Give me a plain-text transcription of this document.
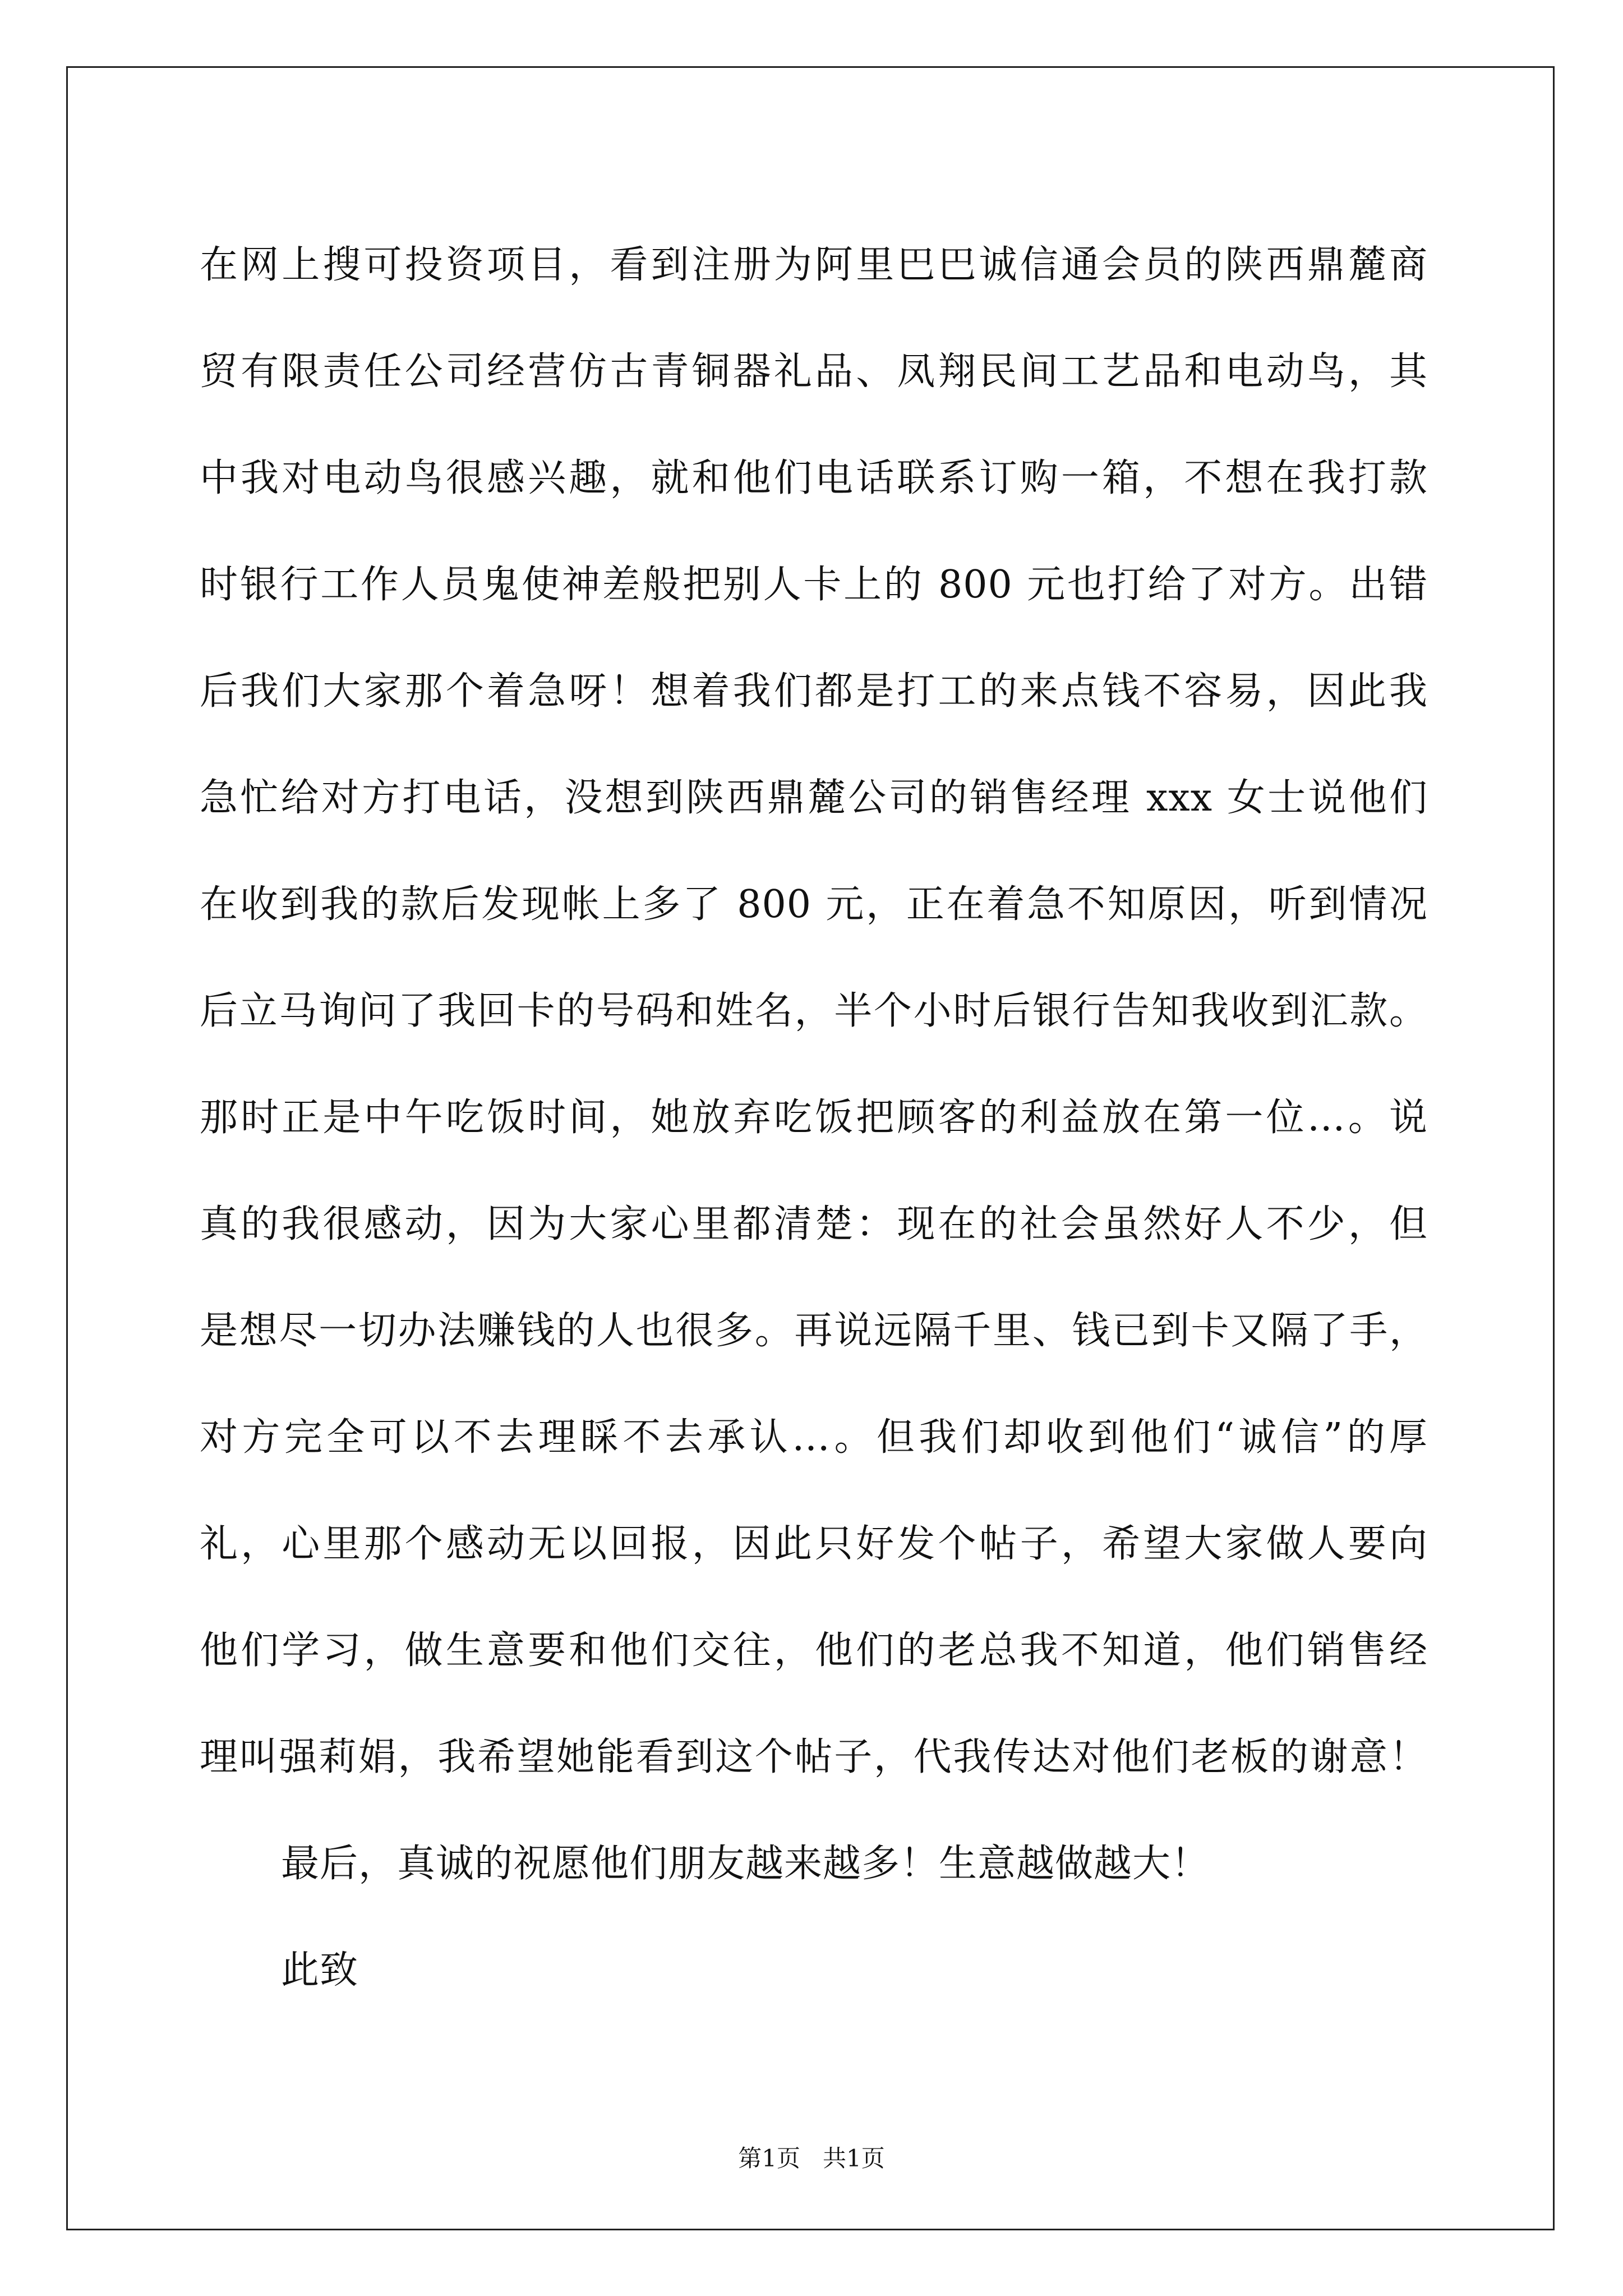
在网上搜可投资项目，看到注册为阿里巴巴诚信通会员的陕西鼎麓商
贸有限责任公司经营仿古青铜器礼品、凤翔民间工艺品和电动鸟，其
中我对电动鸟很感兴趣，就和他们电话联系订购一箱，不想在我打款
时银行工作人员鬼使神差般把别人卡上的 800 元也打给了对方。出错
后我们大家那个着急呀！想着我们都是打工的来点钱不容易，因此我
急忙给对方打电话，没想到陕西鼎麓公司的销售经理 xxx 女士说他们
在收到我的款后发现帐上多了 800 元，正在着急不知原因，听到情况
后立马询问了我回卡的号码和姓名，半个小时后银行告知我收到汇款。
那时正是中午吃饭时间，她放弃吃饭把顾客的利益放在第一位…。说
真的我很感动，因为大家心里都清楚：现在的社会虽然好人不少，但
是想尽一切办法赚钱的人也很多。再说远隔千里、钱已到卡又隔了手，
对方完全可以不去理睬不去承认…。但我们却收到他们“诚信”的厚
礼，心里那个感动无以回报，因此只好发个帖子，希望大家做人要向
他们学习，做生意要和他们交往，他们的老总我不知道，他们销售经
理叫强莉娟，我希望她能看到这个帖子，代我传达对他们老板的谢意！
最后，真诚的祝愿他们朋友越来越多！生意越做越大！
此致
第1页   共1页
